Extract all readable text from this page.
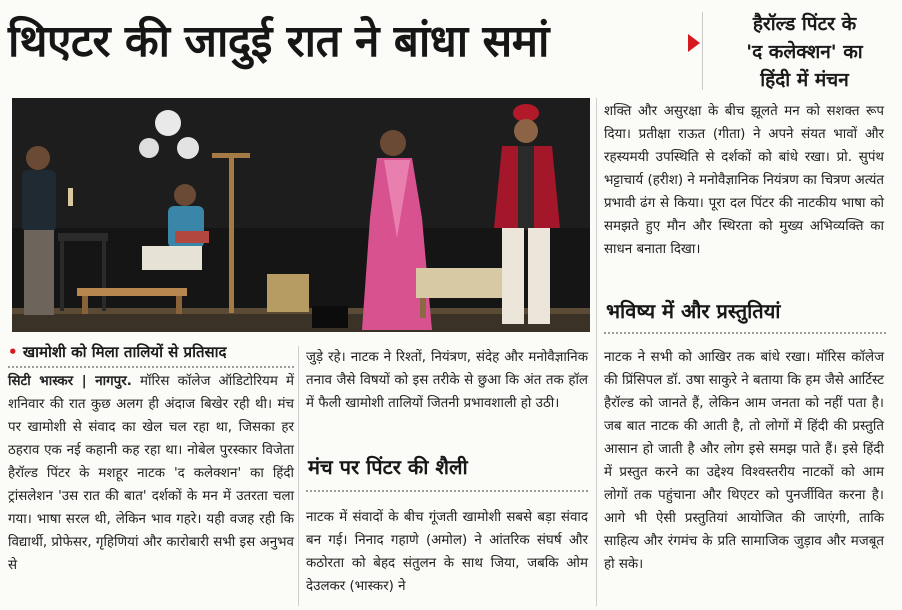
थिएटर की जादुई रात ने बांधा समां	हैरॉल्ड पिंटर के
'द कलेक्शन' का
हिंदी में मंचन
• खामोशी को मिला तालियों से प्रतिसाद

सिटी भास्कर | नागपुर. मॉरिस कॉलेज ऑडिटोरियम में शनिवार की रात कुछ अलग ही अंदाज बिखेर रही थी। मंच पर खामोशी से संवाद का खेल चल रहा था, जिसका हर ठहराव एक नई कहानी कह रहा था। नोबेल पुरस्कार विजेता हैरॉल्ड पिंटर के मशहूर नाटक 'द कलेक्शन' का हिंदी ट्रांसलेशन 'उस रात की बात' दर्शकों के मन में उतरता चला गया। भाषा सरल थी, लेकिन भाव गहरे। यही वजह रही कि विद्यार्थी, प्रोफेसर, गृहिणियां और कारोबारी सभी इस अनुभव से

जुड़े रहे। नाटक ने रिश्तों, नियंत्रण, संदेह और मनोवैज्ञानिक तनाव जैसे विषयों को इस तरीके से छुआ कि अंत तक हॉल में फैली खामोशी तालियों जितनी प्रभावशाली हो उठी।

मंच पर पिंटर की शैली

नाटक में संवादों के बीच गूंजती खामोशी सबसे बड़ा संवाद बन गई। निनाद गहाणे (अमोल) ने आंतरिक संघर्ष और कठोरता को बेहद संतुलन के साथ जिया, जबकि ओम देउलकर (भास्कर) ने

शक्ति और असुरक्षा के बीच झूलते मन को सशक्त रूप दिया। प्रतीक्षा राऊत (गीता) ने अपने संयत भावों और रहस्यमयी उपस्थिति से दर्शकों को बांधे रखा। प्रो. सुपंथ भट्टाचार्य (हरीश) ने मनोवैज्ञानिक नियंत्रण का चित्रण अत्यंत प्रभावी ढंग से किया। पूरा दल पिंटर की नाटकीय भाषा को समझते हुए मौन और स्थिरता को मुख्य अभिव्यक्ति का साधन बनाता दिखा।

भविष्य में और प्रस्तुतियां

नाटक ने सभी को आखिर तक बांधे रखा। मॉरिस कॉलेज की प्रिंसिपल डॉ. उषा साकुरे ने बताया कि हम जैसे आर्टिस्ट हैरॉल्ड को जानते हैं, लेकिन आम जनता को नहीं पता है। जब बात नाटक की आती है, तो लोगों में हिंदी की प्रस्तुति आसान हो जाती है और लोग इसे समझ पाते हैं। इसे हिंदी में प्रस्तुत करने का उद्देश्य विश्वस्तरीय नाटकों को आम लोगों तक पहुंचाना और थिएटर को पुनर्जीवित करना है। आगे भी ऐसी प्रस्तुतियां आयोजित की जाएंगी, ताकि साहित्य और रंगमंच के प्रति सामाजिक जुड़ाव और मजबूत हो सके।
